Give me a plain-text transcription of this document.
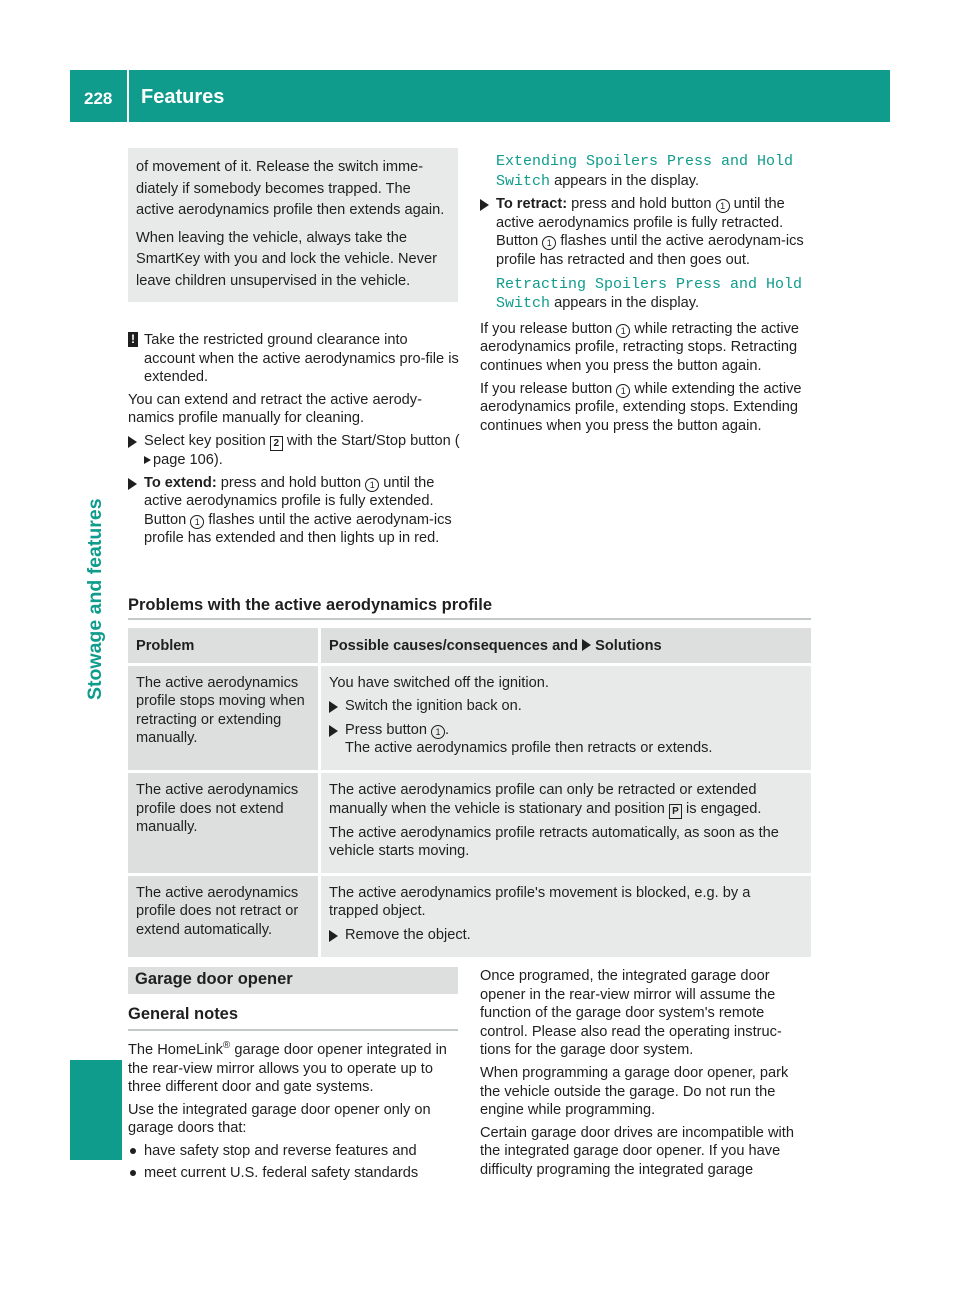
228 Features
Stowage and features

of movement of it. Release the switch imme-diately if somebody becomes trapped. The active aerodynamics profile then extends again.

When leaving the vehicle, always take the SmartKey with you and lock the vehicle. Never leave children unsupervised in the vehicle.

! Take the restricted ground clearance into account when the active aerodynamics pro-file is extended.

You can extend and retract the active aerody-namics profile manually for cleaning.

Select key position 2 with the Start/Stop button (page 106).
To extend: press and hold button 1 until the active aerodynamics profile is fully extended. Button 1 flashes until the active aerodynam-ics profile has extended and then lights up in red.
Extending Spoilers Press and Hold
Switch appears in the display.
To retract: press and hold button 1 until the active aerodynamics profile is fully retracted. Button 1 flashes until the active aerodynam-ics profile has retracted and then goes out.
Retracting Spoilers Press and Hold
Switch appears in the display.

If you release button 1 while retracting the active aerodynamics profile, retracting stops. Retracting continues when you press the button again.

If you release button 1 while extending the active aerodynamics profile, extending stops. Extending continues when you press the button again.

Problems with the active aerodynamics profile
Problem	Possible causes/consequences and Solutions
The active aerodynamics profile stops moving when retracting or extending manually.	You have switched off the ignition.

Switch the ignition back on.
Press button 1 .
The active aerodynamics profile then retracts or extends.

The active aerodynamics profile does not extend manually.	The active aerodynamics profile can only be retracted or extended manually when the vehicle is stationary and position P is engaged.

The active aerodynamics profile retracts automatically, as soon as the vehicle starts moving.

The active aerodynamics profile does not retract or extend automatically.	The active aerodynamics profile's movement is blocked, e.g. by a trapped object.

Remove the object.
Garage door opener
General notes

The HomeLink® garage door opener integrated in the rear-view mirror allows you to operate up to three different door and gate systems.

Use the integrated garage door opener only on garage doors that:

have safety stop and reverse features and
meet current U.S. federal safety standards

Once programed, the integrated garage door opener in the rear-view mirror will assume the function of the garage door system's remote control. Please also read the operating instruc-tions for the garage door system.

When programming a garage door opener, park the vehicle outside the garage. Do not run the engine while programming.

Certain garage door drives are incompatible with the integrated garage door opener. If you have difficulty programing the integrated garage
